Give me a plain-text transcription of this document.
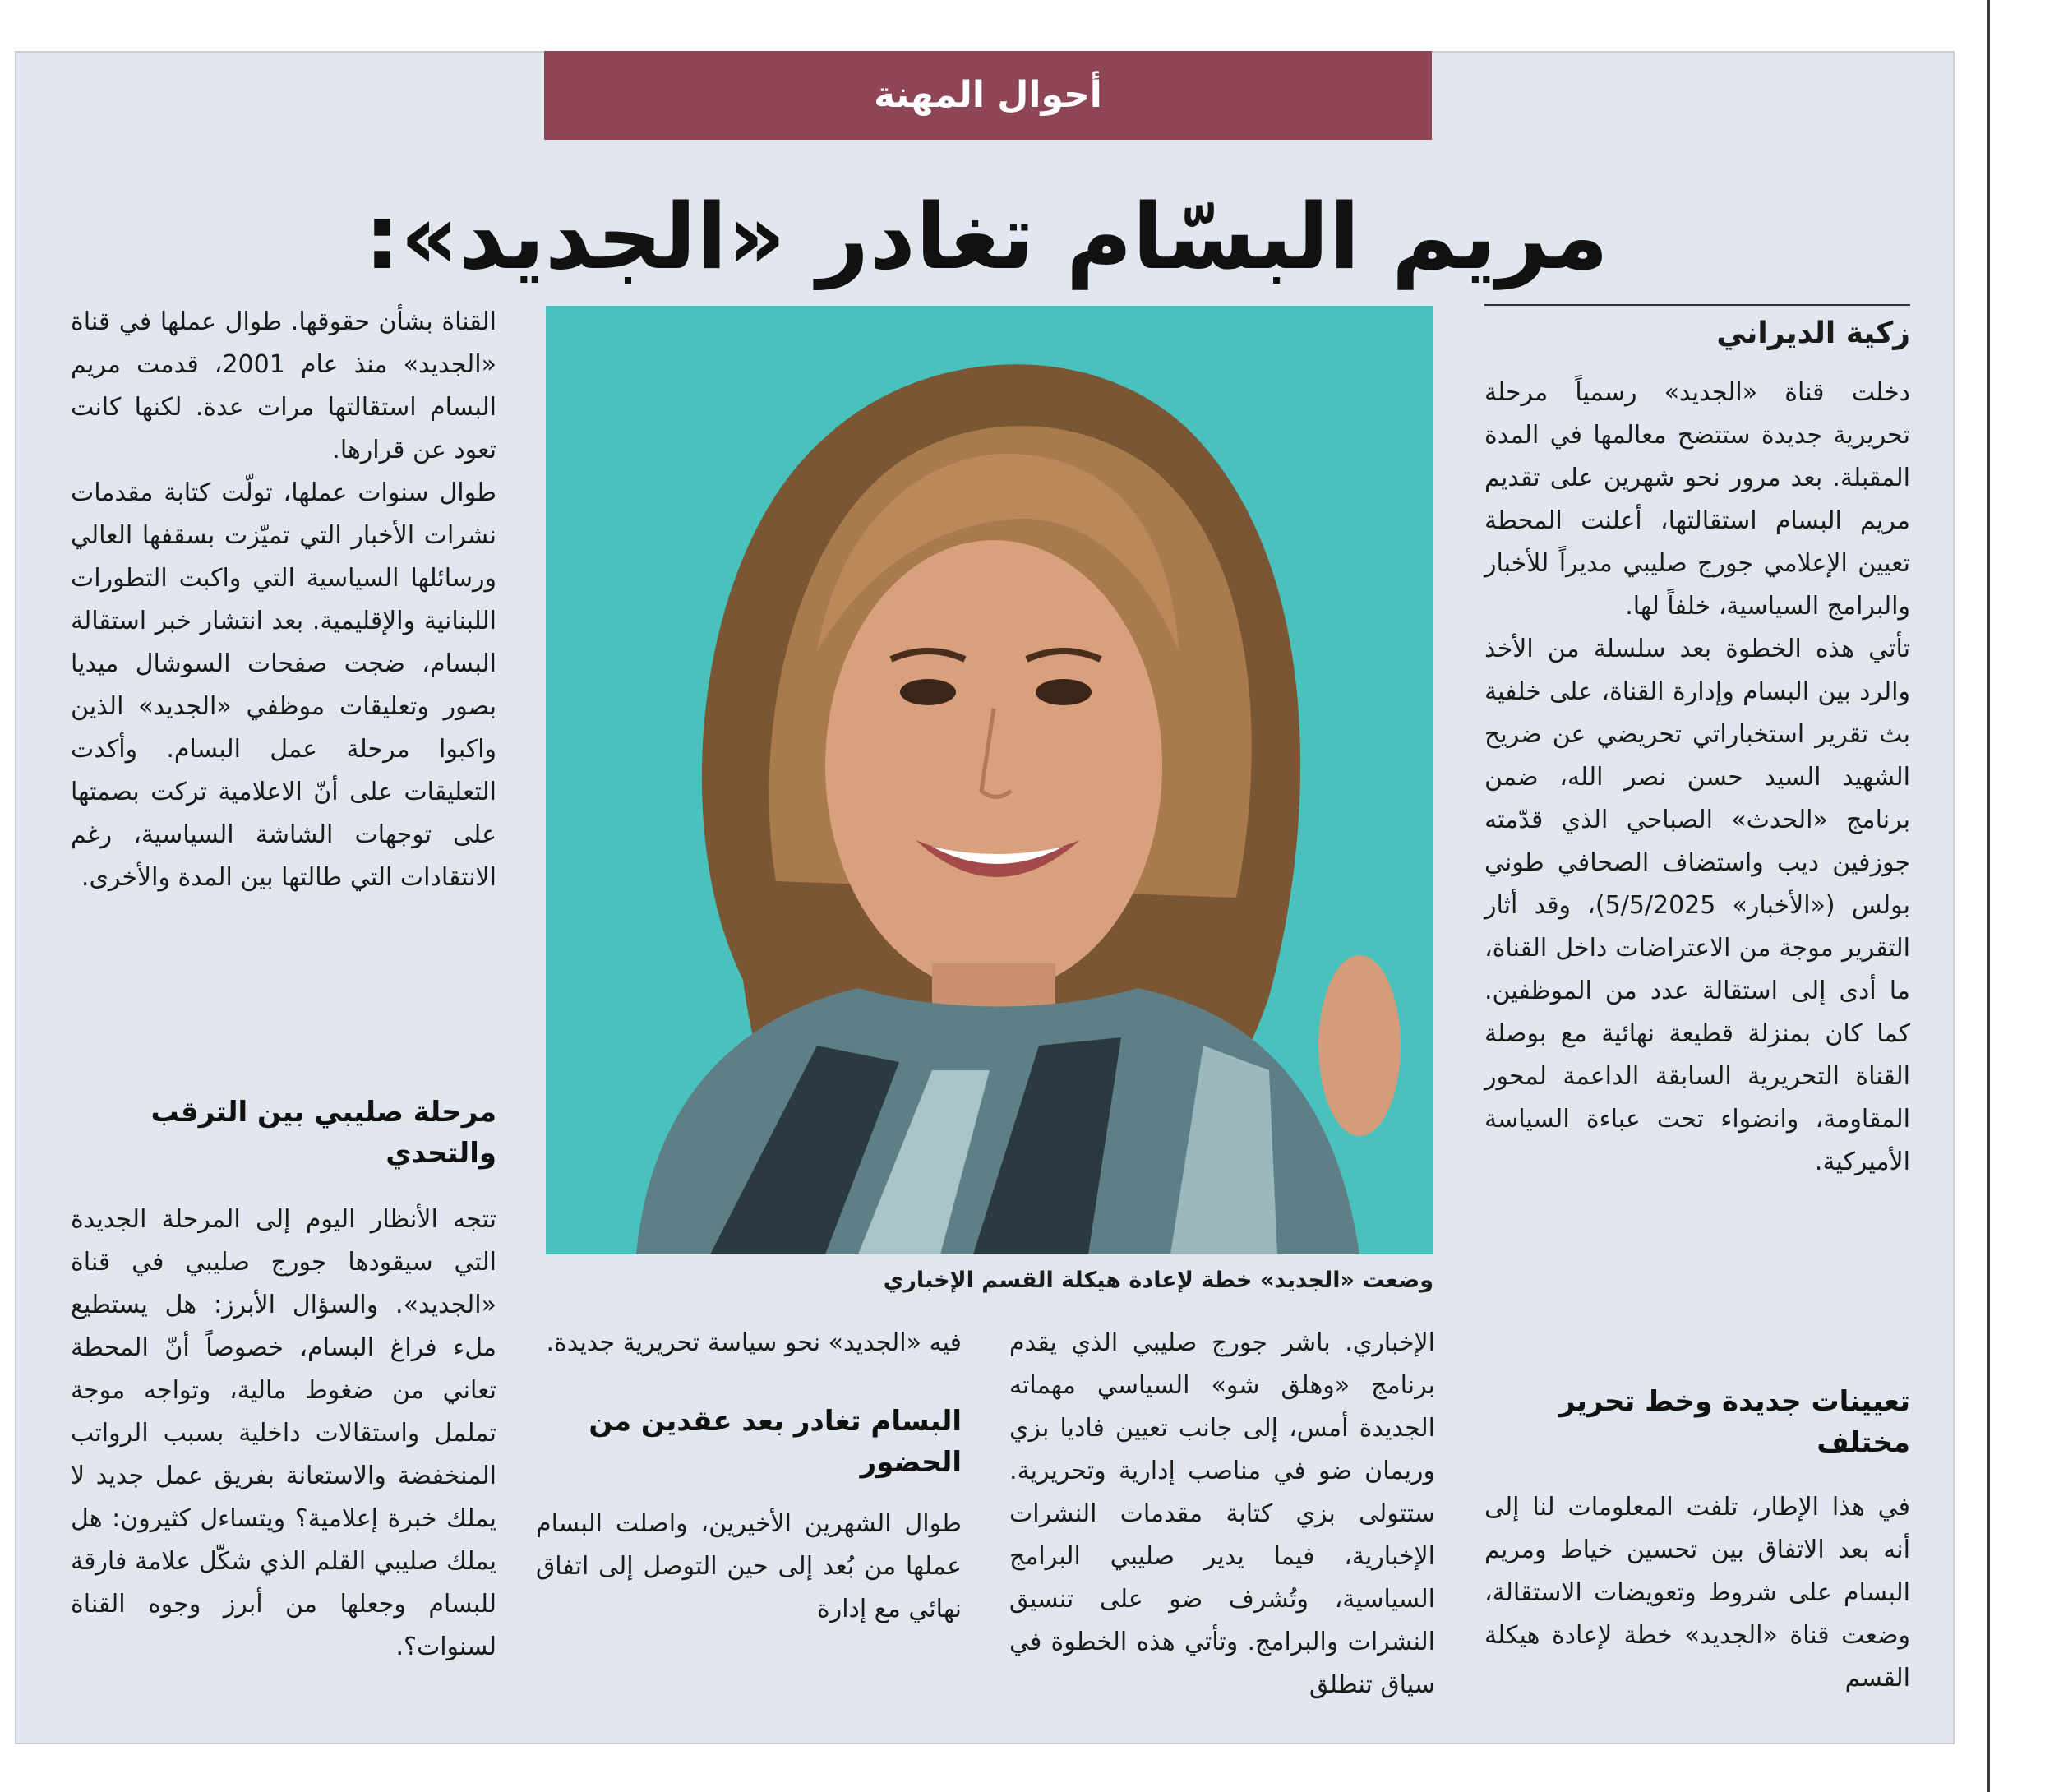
أحوال المهنة
مريم البسّام تغادر «الجديد»:
زكية الديراني

دخلت قناة «الجديد» رسمياً مرحلة تحريرية جديدة ستتضح معالمها في المدة المقبلة. بعد مرور نحو شهرين على تقديم مريم البسام استقالتها، أعلنت المحطة تعيين الإعلامي جورج صليبي مديراً للأخبار والبرامج السياسية، خلفاً لها.

تأتي هذه الخطوة بعد سلسلة من الأخذ والرد بين البسام وإدارة القناة، على خلفية بث تقرير استخباراتي تحريضي عن ضريح الشهيد السيد حسن نصر الله، ضمن برنامج «الحدث» الصباحي الذي قدّمته جوزفين ديب واستضاف الصحافي طوني بولس («الأخبار» 5/5/2025)، وقد أثار التقرير موجة من الاعتراضات داخل القناة، ما أدى إلى استقالة عدد من الموظفين. كما كان بمنزلة قطيعة نهائية مع بوصلة القناة التحريرية السابقة الداعمة لمحور المقاومة، وانضواء تحت عباءة السياسة الأميركية.

تعيينات جديدة وخط تحرير مختلف

في هذا الإطار، تلفت المعلومات لنا إلى أنه بعد الاتفاق بين تحسين خياط ومريم البسام على شروط وتعويضات الاستقالة، وضعت قناة «الجديد» خطة لإعادة هيكلة القسم

وضعت «الجديد» خطة لإعادة هيكلة القسم الإخباري

الإخباري. باشر جورج صليبي الذي يقدم برنامج «وهلق شو» السياسي مهماته الجديدة أمس، إلى جانب تعيين فاديا بزي وريمان ضو في مناصب إدارية وتحريرية. ستتولى بزي كتابة مقدمات النشرات الإخبارية، فيما يدير صليبي البرامج السياسية، وتُشرف ضو على تنسيق النشرات والبرامج. وتأتي هذه الخطوة في سياق تنطلق

فيه «الجديد» نحو سياسة تحريرية جديدة.

البسام تغادر بعد عقدين من الحضور

طوال الشهرين الأخيرين، واصلت البسام عملها من بُعد إلى حين التوصل إلى اتفاق نهائي مع إدارة

القناة بشأن حقوقها. طوال عملها في قناة «الجديد» منذ عام 2001، قدمت مريم البسام استقالتها مرات عدة. لكنها كانت تعود عن قرارها.

طوال سنوات عملها، تولّت كتابة مقدمات نشرات الأخبار التي تميّزت بسقفها العالي ورسائلها السياسية التي واكبت التطورات اللبنانية والإقليمية. بعد انتشار خبر استقالة البسام، ضجت صفحات السوشال ميديا بصور وتعليقات موظفي «الجديد» الذين واكبوا مرحلة عمل البسام. وأكدت التعليقات على أنّ الاعلامية تركت بصمتها على توجهات الشاشة السياسية، رغم الانتقادات التي طالتها بين المدة والأخرى.

مرحلة صليبي بين الترقب والتحدي

تتجه الأنظار اليوم إلى المرحلة الجديدة التي سيقودها جورج صليبي في قناة «الجديد». والسؤال الأبرز: هل يستطيع ملء فراغ البسام، خصوصاً أنّ المحطة تعاني من ضغوط مالية، وتواجه موجة تململ واستقالات داخلية بسبب الرواتب المنخفضة والاستعانة بفريق عمل جديد لا يملك خبرة إعلامية؟ ويتساءل كثيرون: هل يملك صليبي القلم الذي شكّل علامة فارقة للبسام وجعلها من أبرز وجوه القناة لسنوات؟.
